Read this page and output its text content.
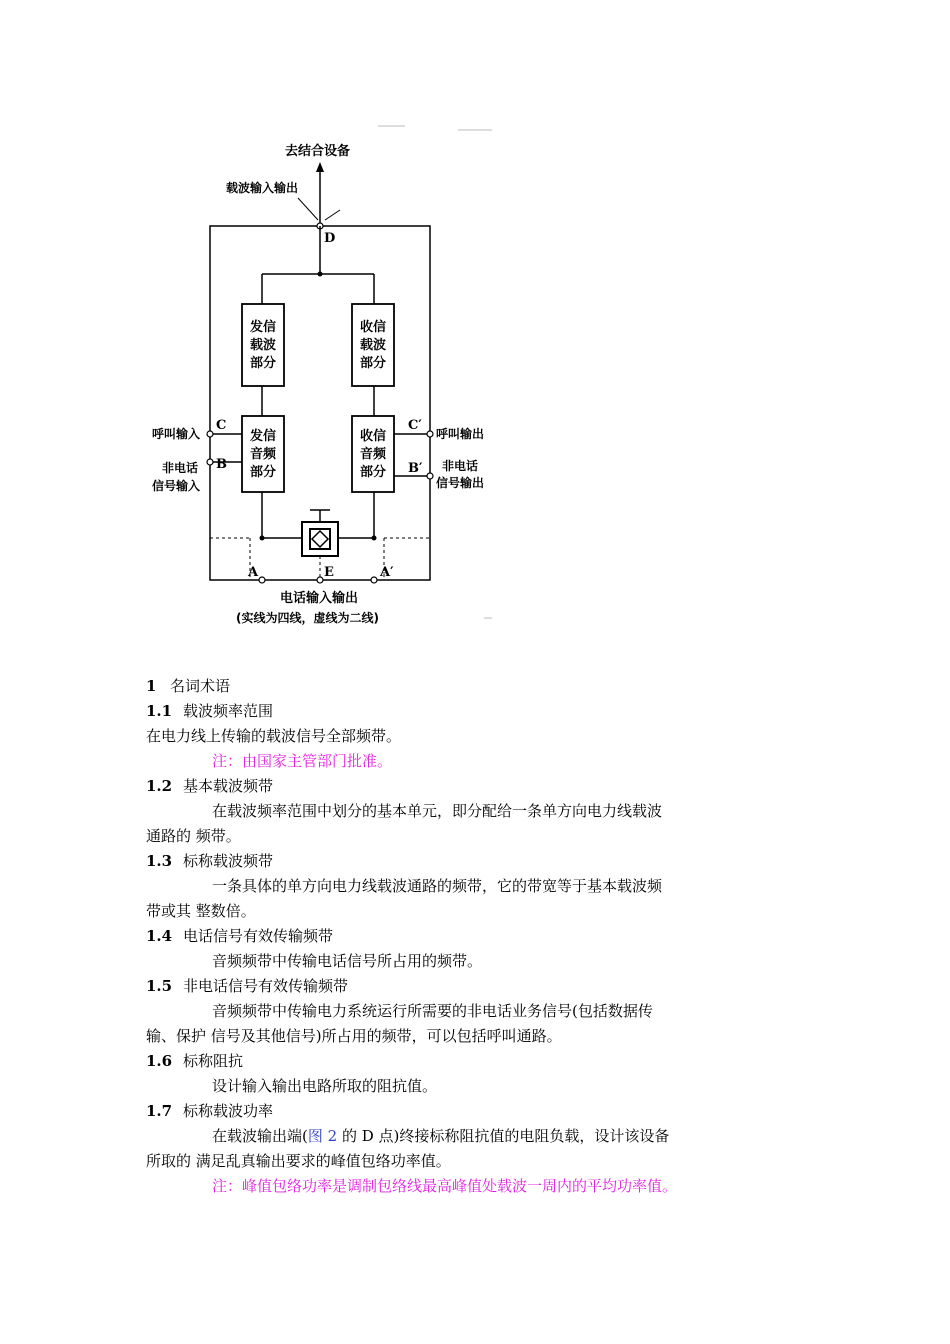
去结合设备
载波输入输出
D
发信
载波
部分
收信
载波
部分
发信
音频
部分
收信
音频
部分
C
B
呼叫输入
非电话
信号输入
C′
B′
呼叫输出
非电话
信号输出
A	E	A′
电话输入输出
(实线为四线，虚线为二线)
1 名词术语
1.1 载波频率范围
在电力线上传输的载波信号全部频带。
注：由国家主管部门批准。
1.2 基本载波频带
在载波频率范围中划分的基本单元，即分配给一条单方向电力线载波
通路的 频带。
1.3 标称载波频带
一条具体的单方向电力线载波通路的频带，它的带宽等于基本载波频
带或其 整数倍。
1.4 电话信号有效传输频带
音频频带中传输电话信号所占用的频带。
1.5 非电话信号有效传输频带
音频频带中传输电力系统运行所需要的非电话业务信号(包括数据传
输、保护 信号及其他信号)所占用的频带，可以包括呼叫通路。
1.6 标称阻抗
设计输入输出电路所取的阻抗值。
1.7 标称载波功率
在载波输出端(图 2 的 D 点)终接标称阻抗值的电阻负载，设计该设备
所取的 满足乱真输出要求的峰值包络功率值。
注：峰值包络功率是调制包络线最高峰值处载波一周内的平均功率值。
